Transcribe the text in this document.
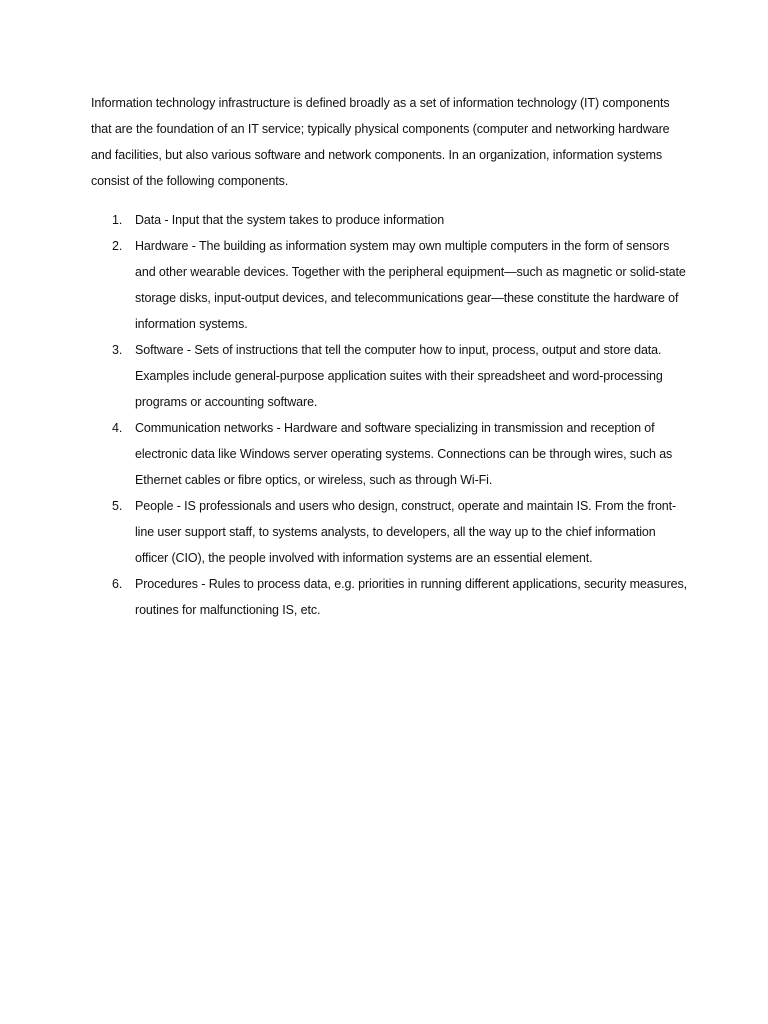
Information technology infrastructure is defined broadly as a set of information technology (IT) components that are the foundation of an IT service; typically physical components (computer and networking hardware and facilities, but also various software and network components. In an organization, information systems consist of the following components.

1.	Data - Input that the system takes to produce information
2.	Hardware - The building as information system may own multiple computers in the form of sensors and other wearable devices. Together with the peripheral equipment—such as magnetic or solid-state storage disks, input-output devices, and telecommunications gear—these constitute the hardware of information systems.
3.	Software - Sets of instructions that tell the computer how to input, process, output and store data. Examples include general-purpose application suites with their spreadsheet and word-processing programs or accounting software.
4.	Communication networks - Hardware and software specializing in transmission and reception of electronic data like Windows server operating systems. Connections can be through wires, such as Ethernet cables or fibre optics, or wireless, such as through Wi-Fi.
5.	People - IS professionals and users who design, construct, operate and maintain IS. From the front-line user support staff, to systems analysts, to developers, all the way up to the chief information officer (CIO), the people involved with information systems are an essential element.
6.	Procedures - Rules to process data, e.g. priorities in running different applications, security measures, routines for malfunctioning IS, etc.
